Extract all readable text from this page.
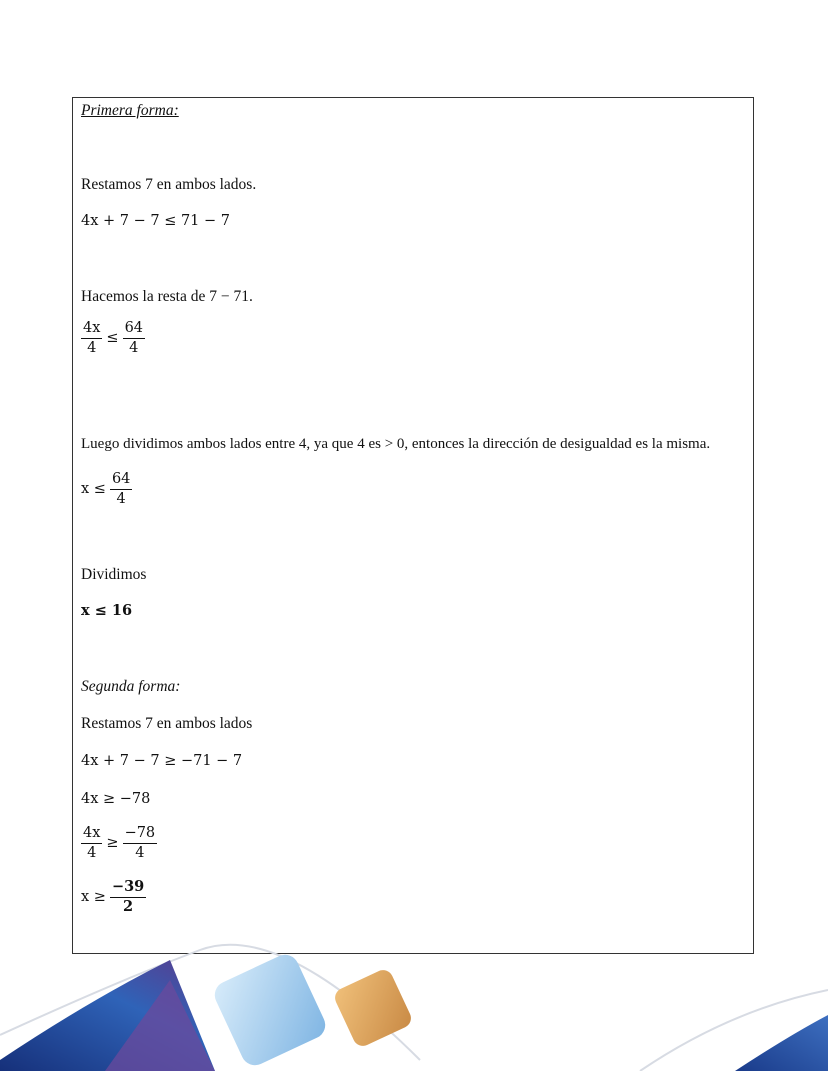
Primera forma:
Restamos 7 en ambos lados.
4x + 7 − 7 ≤ 71 − 7
Hacemos la resta de 7 − 71.
$\frac{4x}{4} \le \frac{64}{4}$
Luego dividimos ambos lados entre 4, ya que 4 es > 0, entonces la dirección de desigualdad es la misma.
$x \le \frac{64}{4}$
Dividimos
x ≤ 16
Segunda forma:
Restamos 7 en ambos lados
4x + 7 − 7 ≥ −71 − 7
4x ≥ −78
$\frac{4x}{4} \ge \frac{-78}{4}$
$x \ge \frac{-39}{2}$
